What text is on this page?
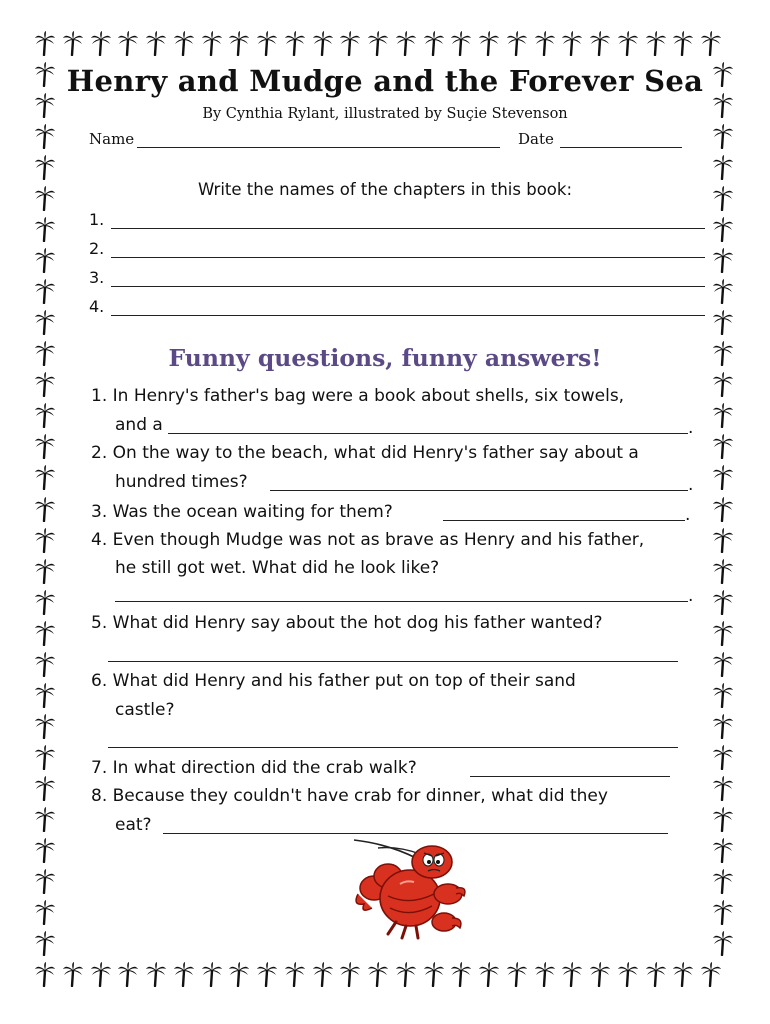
Henry and Mudge and the Forever Sea
By Cynthia Rylant, illustrated by Suçie Stevenson
Name	Date
Write the names of the chapters in this book:
1.
2.
3.
4.
Funny questions, funny answers!
1. In Henry's father's bag were a book about shells, six towels,
and a	.
2. On the way to the beach, what did Henry's father say about a
hundred times?	.
3. Was the ocean waiting for them?	.
4. Even though Mudge was not as brave as Henry and his father,
he still got wet. What did he look like?
.
5. What did Henry say about the hot dog his father wanted?
6. What did Henry and his father put on top of their sand
castle?
7. In what direction did the crab walk?
8. Because they couldn't have crab for dinner, what did they
eat?
